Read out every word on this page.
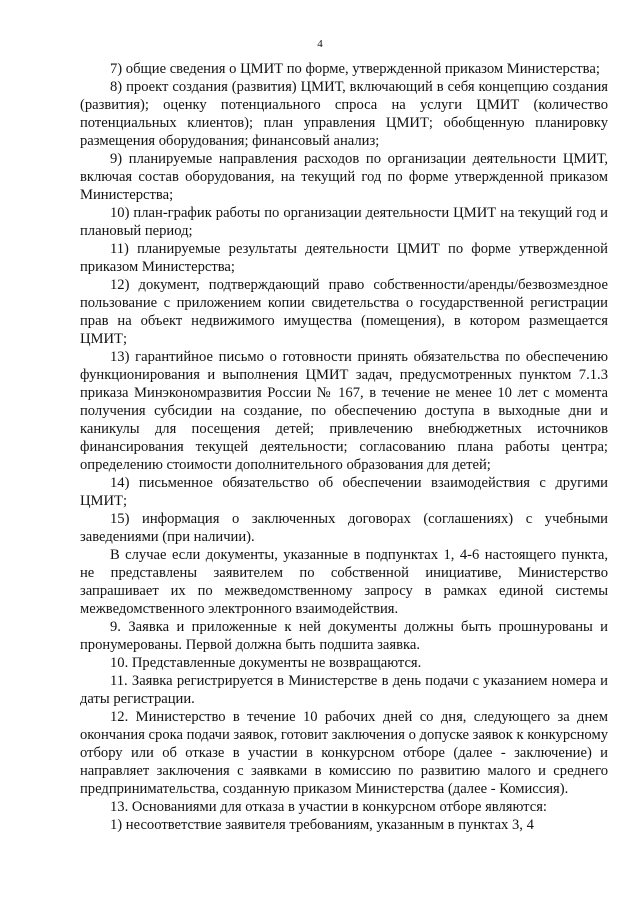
4

7) общие сведения о ЦМИТ по форме, утвержденной приказом Министерства;

8) проект создания (развития) ЦМИТ, включающий в себя концепцию создания (развития); оценку потенциального спроса на услуги ЦМИТ (количество потенциальных клиентов); план управления ЦМИТ; обобщенную планировку размещения оборудования; финансовый анализ;

9) планируемые направления расходов по организации деятельности ЦМИТ, включая состав оборудования, на текущий год по форме утвержденной приказом Министерства;

10) план-график работы по организации деятельности ЦМИТ на текущий год и плановый период;

11) планируемые результаты деятельности ЦМИТ по форме утвержденной приказом Министерства;

12) документ, подтверждающий право собственности/аренды/безвозмездное пользование с приложением копии свидетельства о государственной регистрации прав на объект недвижимого имущества (помещения), в котором размещается ЦМИТ;

13) гарантийное письмо о готовности принять обязательства по обеспечению функционирования и выполнения ЦМИТ задач, предусмотренных пунктом 7.1.3 приказа Минэкономразвития России № 167, в течение не менее 10 лет с момента получения субсидии на создание, по обеспечению доступа в выходные дни и каникулы для посещения детей; привлечению внебюджетных источников финансирования текущей деятельности; согласованию плана работы центра; определению стоимости дополнительного образования для детей;

14) письменное обязательство об обеспечении взаимодействия с другими ЦМИТ;

15) информация о заключенных договорах (соглашениях) с учебными заведениями (при наличии).

В случае если документы, указанные в подпунктах 1, 4-6 настоящего пункта, не представлены заявителем по собственной инициативе, Министерство запрашивает их по межведомственному запросу в рамках единой системы межведомственного электронного взаимодействия.

9. Заявка и приложенные к ней документы должны быть прошнурованы и пронумерованы. Первой должна быть подшита заявка.

10. Представленные документы не возвращаются.

11. Заявка регистрируется в Министерстве в день подачи с указанием номера и даты регистрации.

12. Министерство в течение 10 рабочих дней со дня, следующего за днем окончания срока подачи заявок, готовит заключения о допуске заявок к конкурсному отбору или об отказе в участии в конкурсном отборе (далее - заключение) и направляет заключения с заявками в комиссию по развитию малого и среднего предпринимательства, созданную приказом Министерства (далее - Комиссия).

13. Основаниями для отказа в участии в конкурсном отборе являются:

1) несоответствие заявителя требованиям, указанным в пунктах 3, 4
